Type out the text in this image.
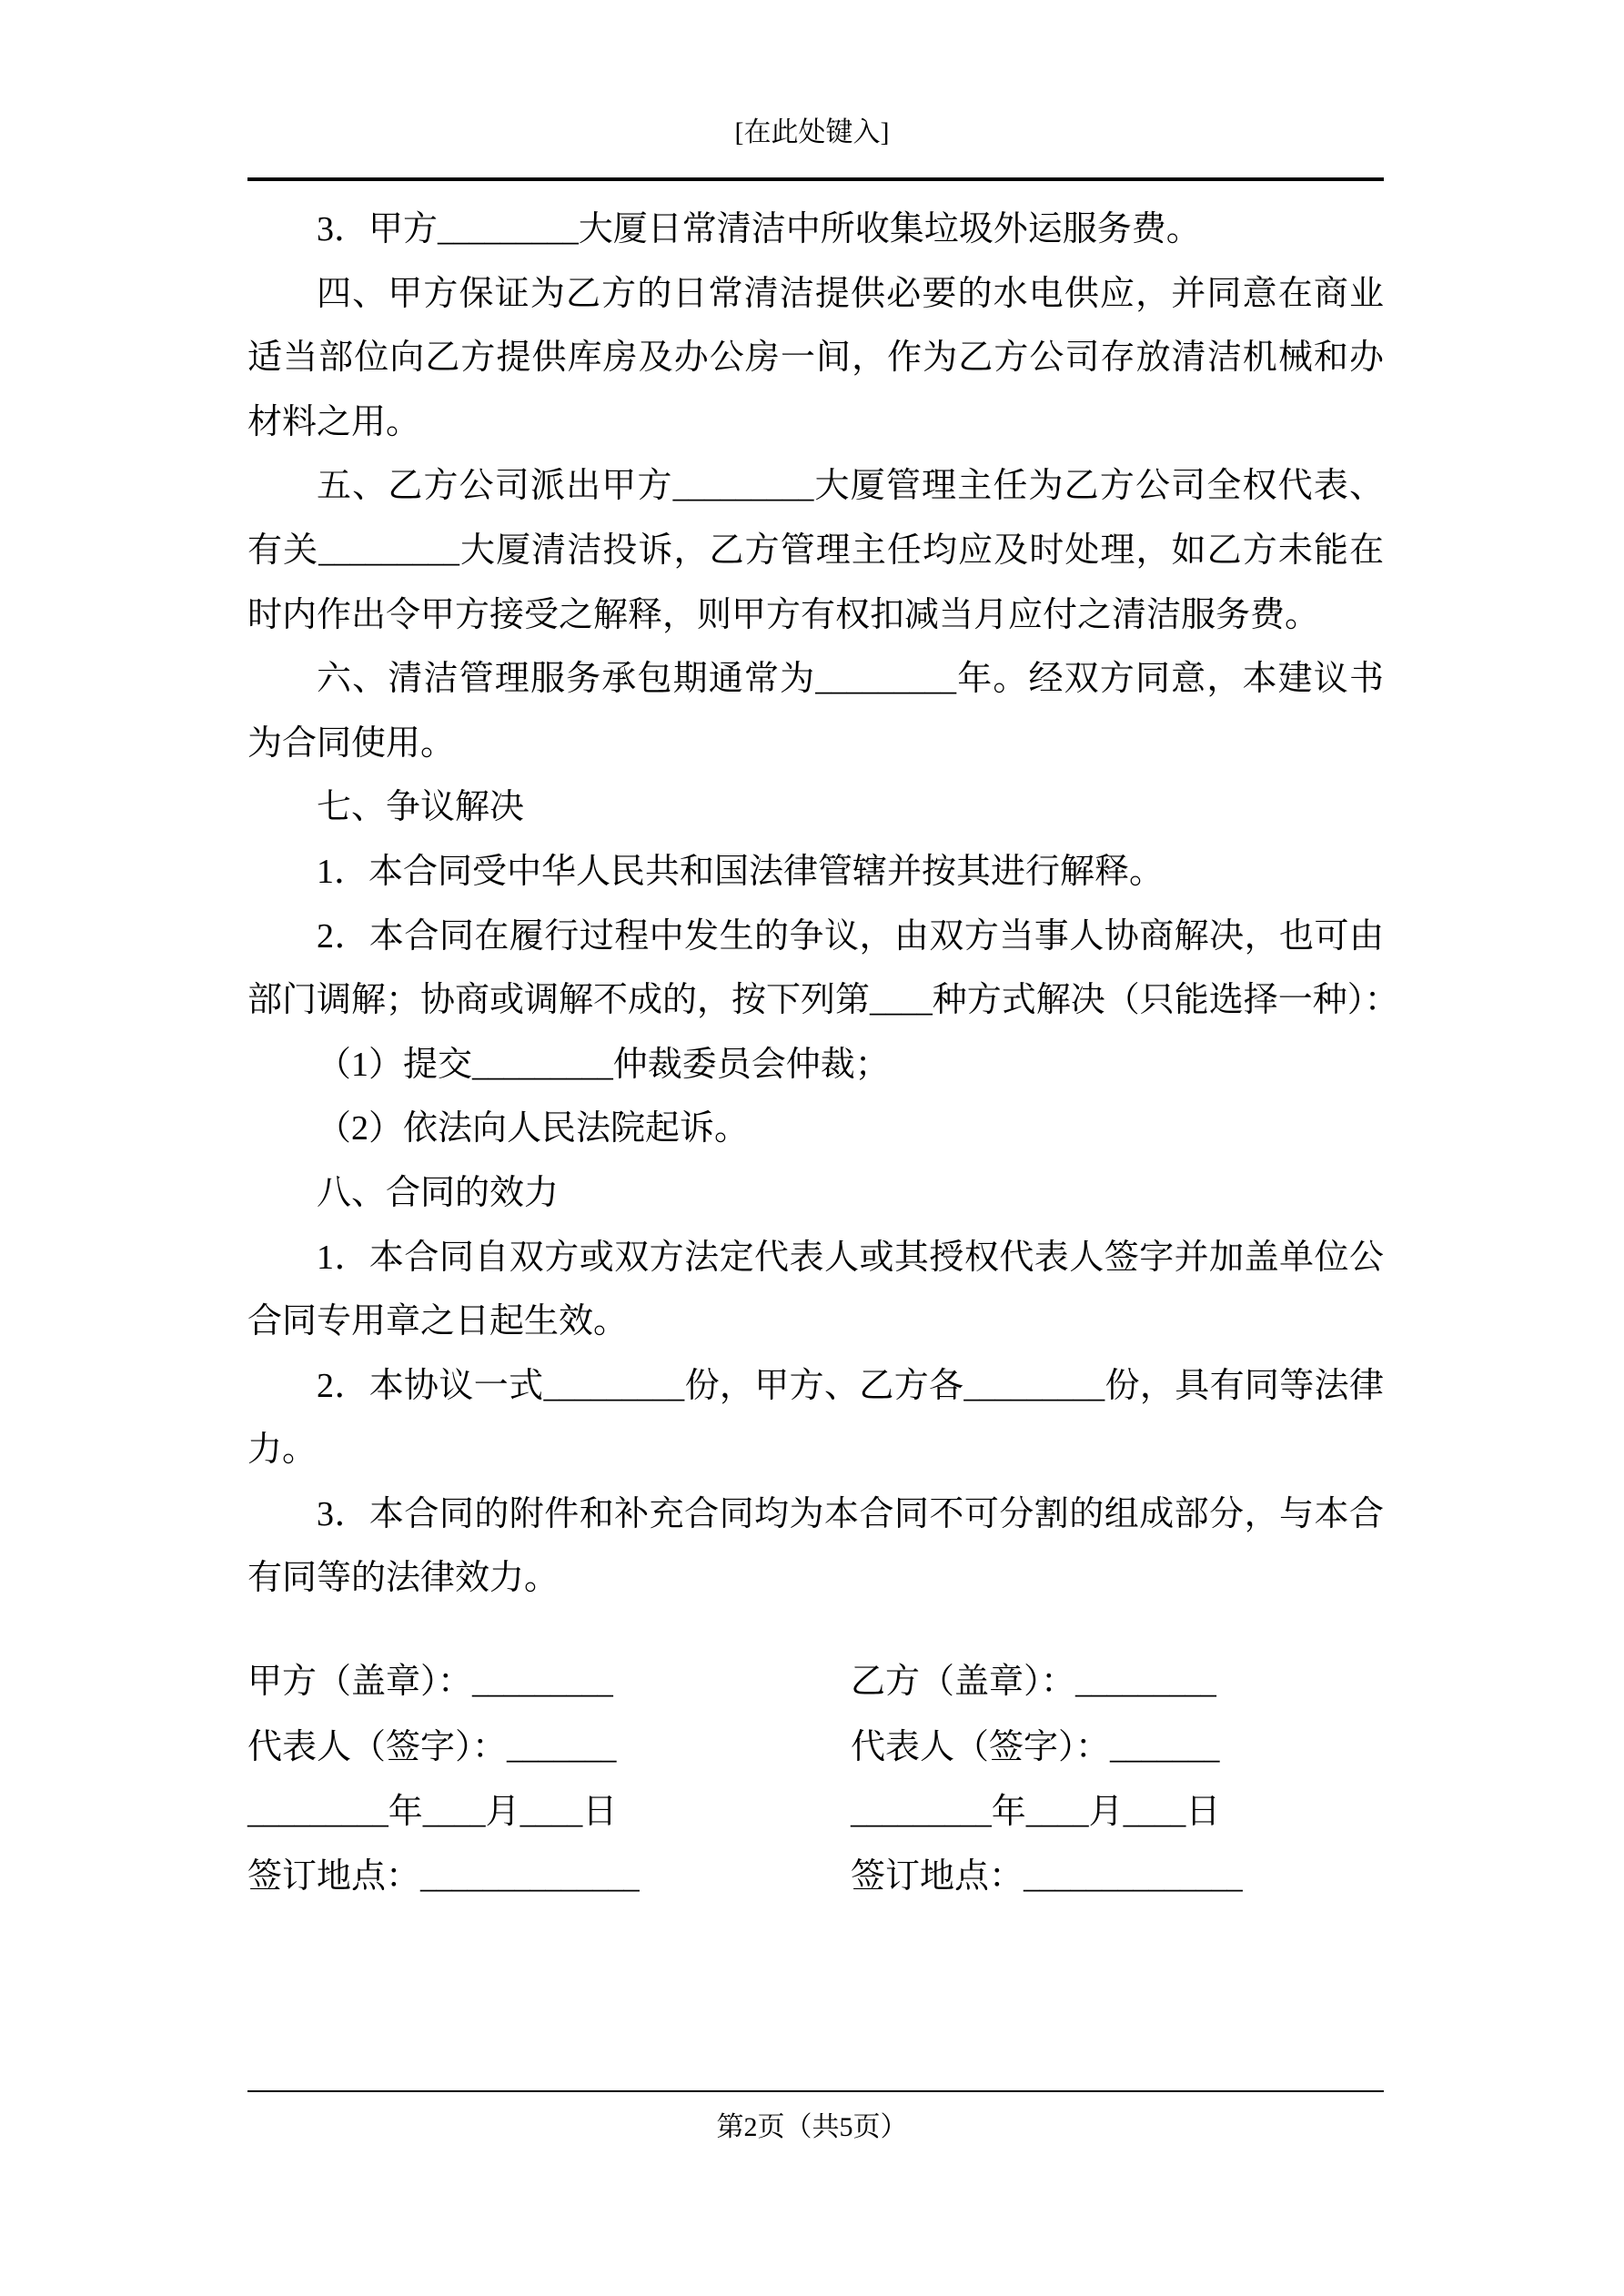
[在此处键入]
3．甲方_________大厦日常清洁中所收集垃圾外运服务费。
四、甲方保证为乙方的日常清洁提供必要的水电供应，并同意在商业
适当部位向乙方提供库房及办公房一间，作为乙方公司存放清洁机械和办
材料之用。
五、乙方公司派出甲方_________大厦管理主任为乙方公司全权代表、
有关_________大厦清洁投诉，乙方管理主任均应及时处理，如乙方未能在
时内作出令甲方接受之解释，则甲方有权扣减当月应付之清洁服务费。
六、清洁管理服务承包期通常为_________年。经双方同意，本建议书
为合同使用。
七、争议解决
1．本合同受中华人民共和国法律管辖并按其进行解释。
2．本合同在履行过程中发生的争议，由双方当事人协商解决，也可由
部门调解；协商或调解不成的，按下列第____种方式解决（只能选择一种）：
（1）提交_________仲裁委员会仲裁；
（2）依法向人民法院起诉。
八、合同的效力
1．本合同自双方或双方法定代表人或其授权代表人签字并加盖单位公
合同专用章之日起生效。
2．本协议一式_________份，甲方、乙方各_________份，具有同等法律
力。
3．本合同的附件和补充合同均为本合同不可分割的组成部分，与本合
有同等的法律效力。
甲方（盖章）：_________
代表人（签字）：_______
_________年____月____日
签订地点：______________
乙方（盖章）：_________
代表人（签字）：_______
_________年____月____日
签订地点：______________
第2页（共5页）
